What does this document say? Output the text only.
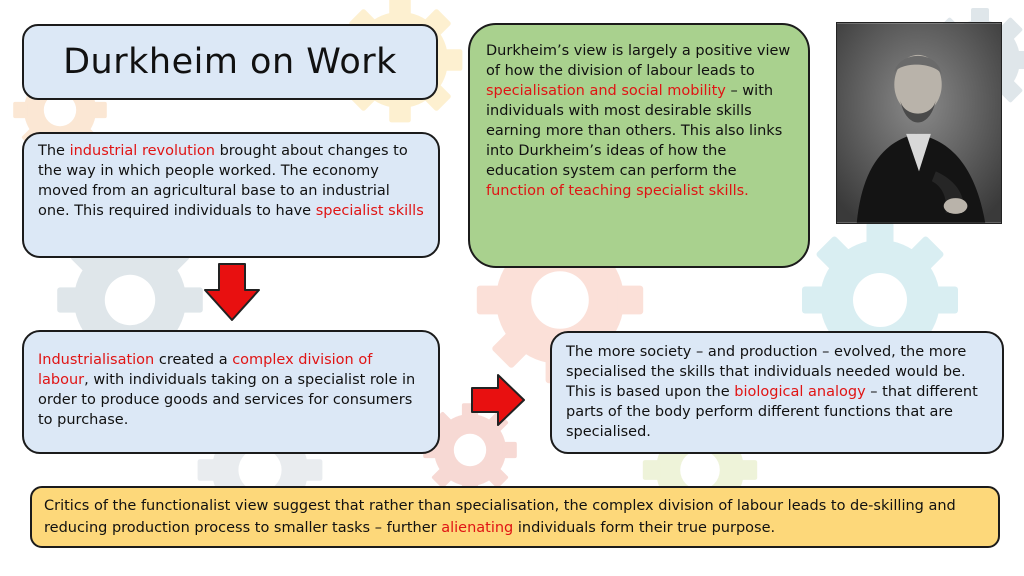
Durkheim on Work

The industrial revolution brought about changes to the way in which people worked. The economy moved from an agricultural base to an industrial one. This required individuals to have specialist skills

Durkheim’s view is largely a positive view of how the division of labour leads to specialisation and social mobility – with individuals with most desirable skills earning more than others. This also links into Durkheim’s ideas of how the education system can perform the function of teaching specialist skills.

Industrialisation created a complex division of labour, with individuals taking on a specialist role in order to produce goods and services for consumers to purchase.

The more society – and production – evolved, the more specialised the skills that individuals needed would be. This is based upon the biological analogy – that different parts of the body perform different functions that are specialised.

Critics of the functionalist view suggest that rather than specialisation, the complex division of labour leads to de-skilling and reducing production process to smaller tasks – further alienating individuals form their true purpose.
